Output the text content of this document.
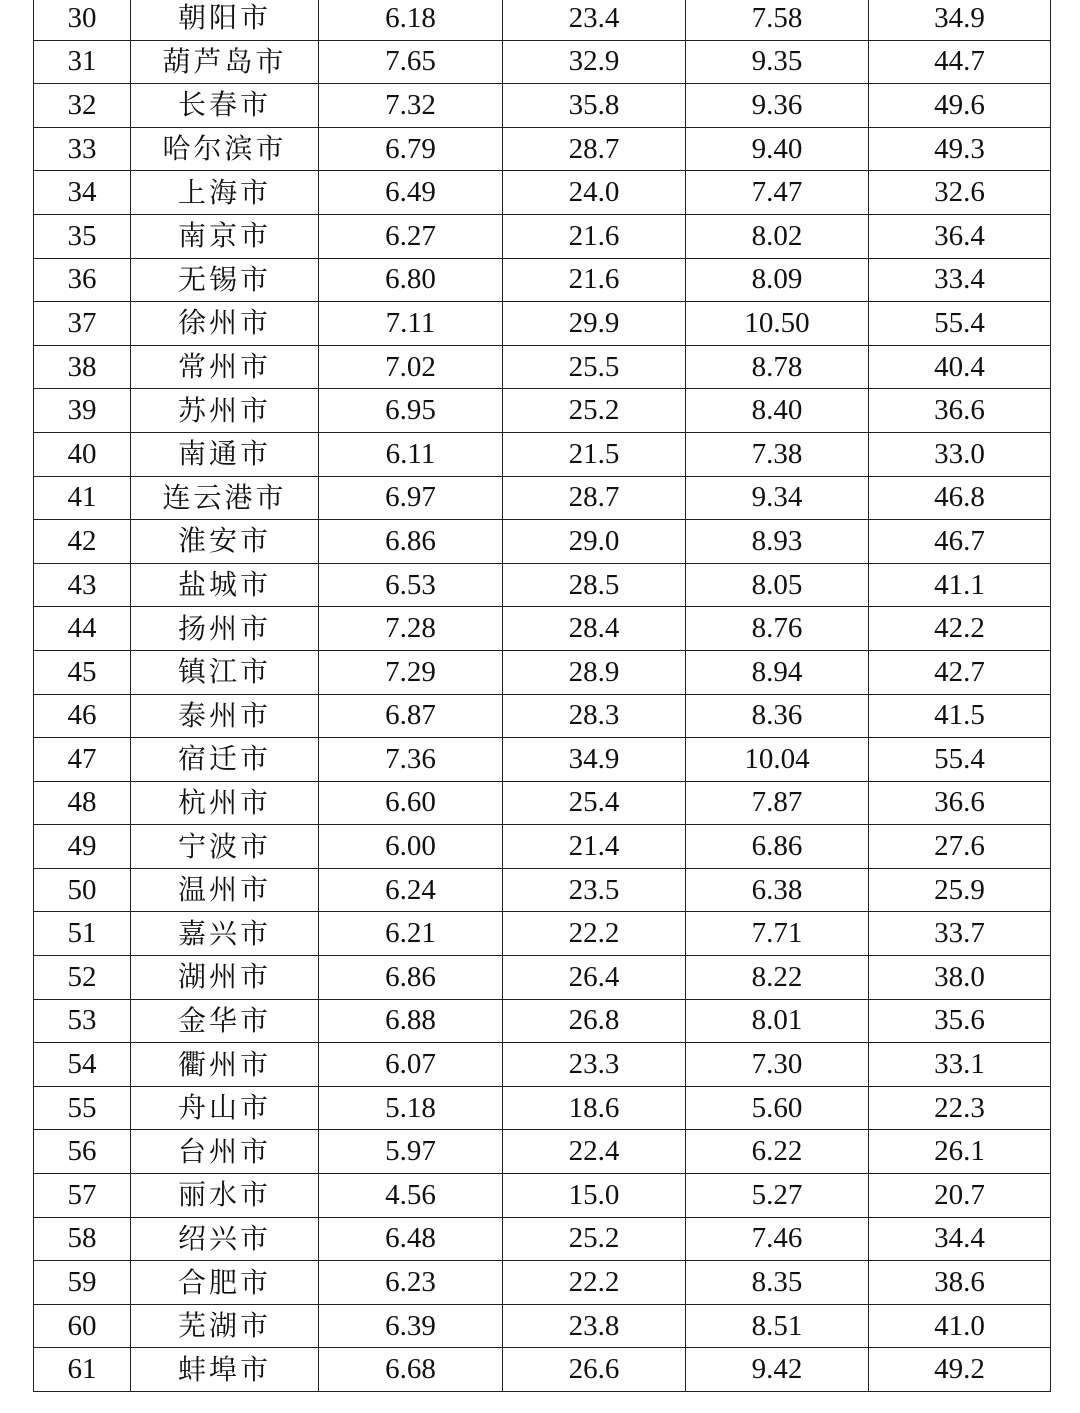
30	朝阳市	6.18	23.4	7.58	34.9
31	葫芦岛市	7.65	32.9	9.35	44.7
32	长春市	7.32	35.8	9.36	49.6
33	哈尔滨市	6.79	28.7	9.40	49.3
34	上海市	6.49	24.0	7.47	32.6
35	南京市	6.27	21.6	8.02	36.4
36	无锡市	6.80	21.6	8.09	33.4
37	徐州市	7.11	29.9	10.50	55.4
38	常州市	7.02	25.5	8.78	40.4
39	苏州市	6.95	25.2	8.40	36.6
40	南通市	6.11	21.5	7.38	33.0
41	连云港市	6.97	28.7	9.34	46.8
42	淮安市	6.86	29.0	8.93	46.7
43	盐城市	6.53	28.5	8.05	41.1
44	扬州市	7.28	28.4	8.76	42.2
45	镇江市	7.29	28.9	8.94	42.7
46	泰州市	6.87	28.3	8.36	41.5
47	宿迁市	7.36	34.9	10.04	55.4
48	杭州市	6.60	25.4	7.87	36.6
49	宁波市	6.00	21.4	6.86	27.6
50	温州市	6.24	23.5	6.38	25.9
51	嘉兴市	6.21	22.2	7.71	33.7
52	湖州市	6.86	26.4	8.22	38.0
53	金华市	6.88	26.8	8.01	35.6
54	衢州市	6.07	23.3	7.30	33.1
55	舟山市	5.18	18.6	5.60	22.3
56	台州市	5.97	22.4	6.22	26.1
57	丽水市	4.56	15.0	5.27	20.7
58	绍兴市	6.48	25.2	7.46	34.4
59	合肥市	6.23	22.2	8.35	38.6
60	芜湖市	6.39	23.8	8.51	41.0
61	蚌埠市	6.68	26.6	9.42	49.2
